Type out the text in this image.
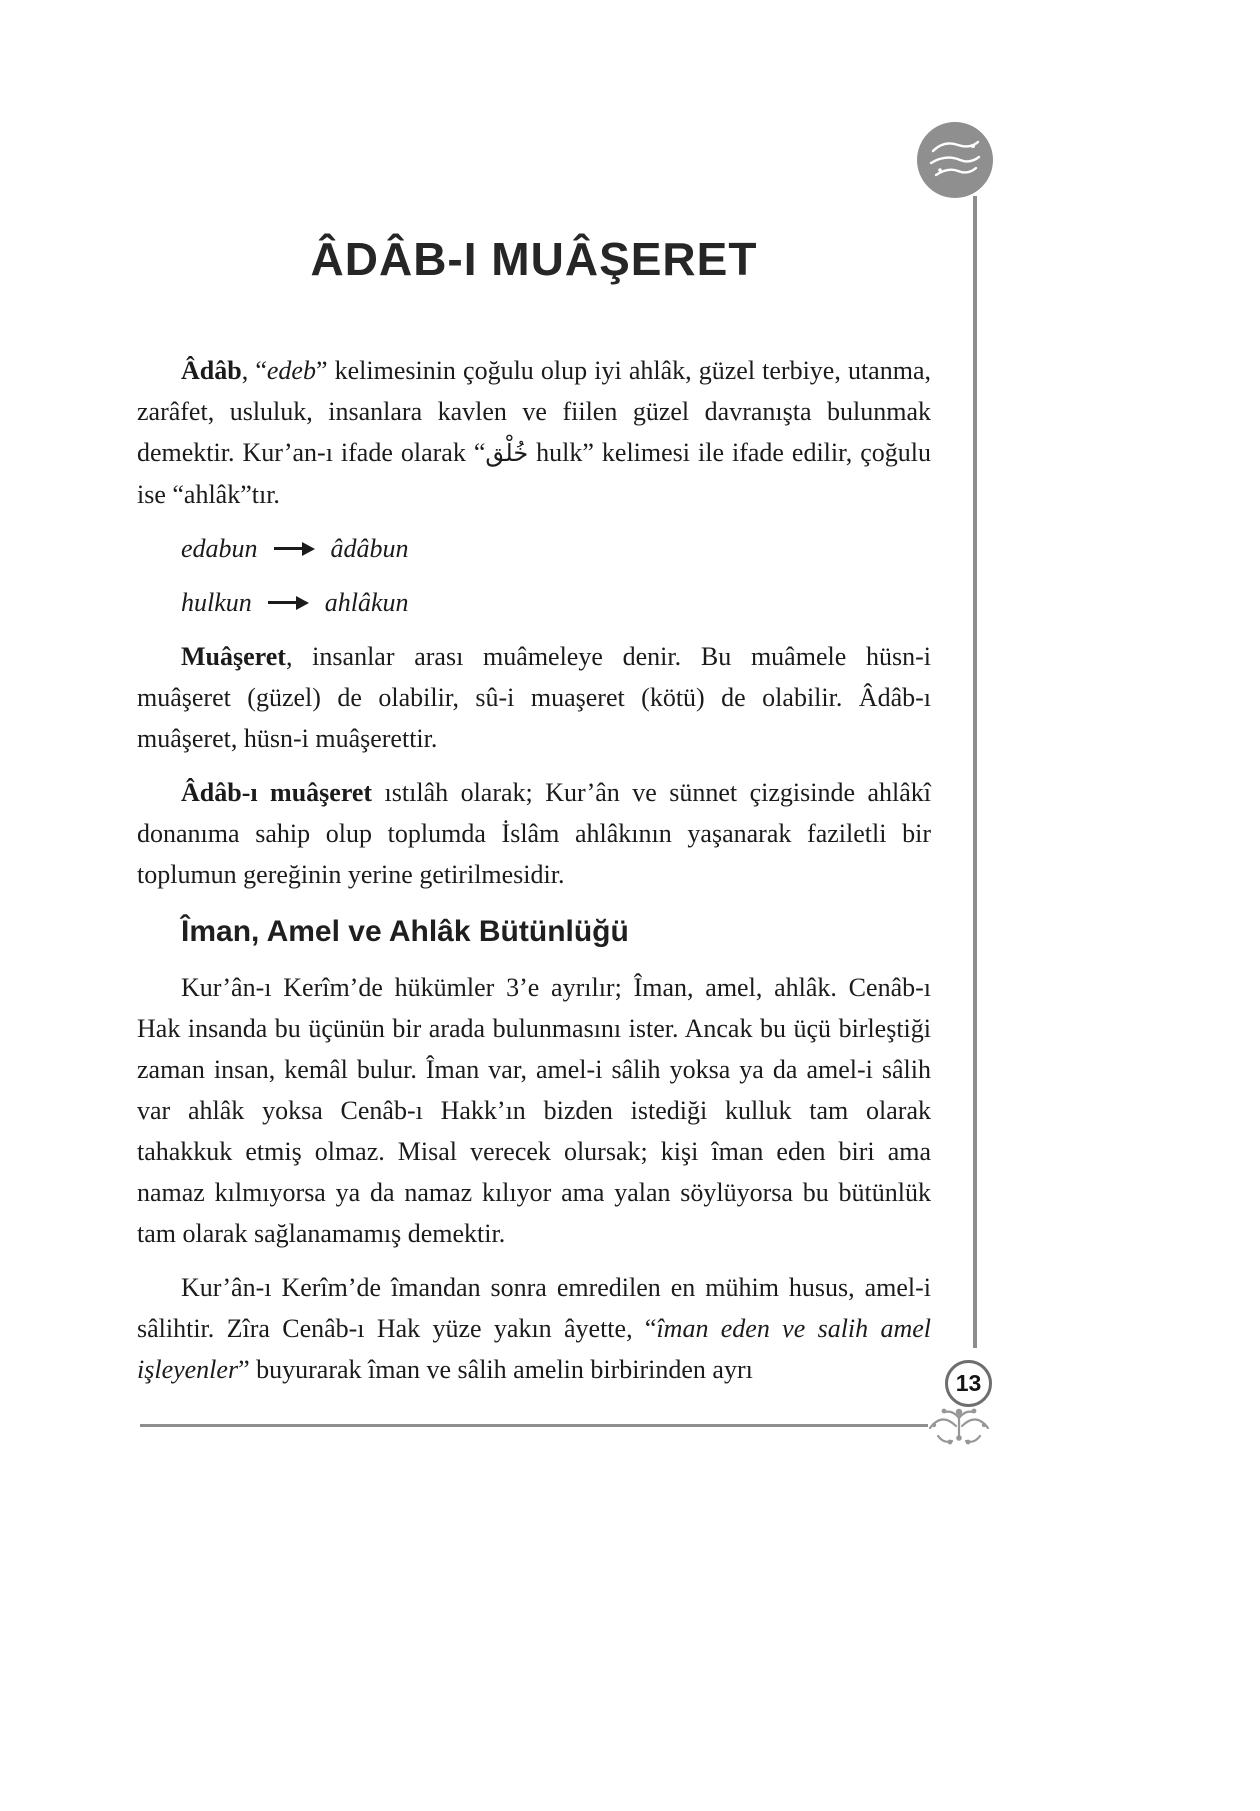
ÂDÂB-I MUÂŞERET

Âdâb, “edeb” kelimesinin çoğulu olup iyi ahlâk, güzel terbiye, utanma, zarâfet, usluluk, insanlara kavlen ve fiilen güzel davranışta bulunmak demektir. Kur’an-ı ifade olarak “خُلْق hulk” kelimesi ile ifade edilir, çoğulu ise “ahlâk”tır.

edabun	âdâbun
hulkun	ahlâkun

Muâşeret, insanlar arası muâmeleye denir. Bu muâmele hüsn-i muâşeret (güzel) de olabilir, sû-i muaşeret (kötü) de olabilir. Âdâb-ı muâşeret, hüsn-i muâşerettir.

Âdâb-ı muâşeret ıstılâh olarak; Kur’ân ve sünnet çizgisinde ahlâkî donanıma sahip olup toplumda İslâm ahlâkının yaşanarak faziletli bir toplumun gereğinin yerine getirilmesidir.

Îman, Amel ve Ahlâk Bütünlüğü

Kur’ân-ı Kerîm’de hükümler 3’e ayrılır; Îman, amel, ahlâk. Cenâb-ı Hak insanda bu üçünün bir arada bulunmasını ister. Ancak bu üçü birleştiği zaman insan, kemâl bulur. Îman var, amel-i sâlih yoksa ya da amel-i sâlih var ahlâk yoksa Cenâb-ı Hakk’ın bizden istediği kulluk tam olarak tahakkuk etmiş olmaz. Misal verecek olursak; kişi îman eden biri ama namaz kılmıyorsa ya da namaz kılıyor ama yalan söylüyorsa bu bütünlük tam olarak sağlanamamış demektir.

Kur’ân-ı Kerîm’de îmandan sonra emredilen en mühim husus, amel-i sâlihtir. Zîra Cenâb-ı Hak yüze yakın âyette, “îman eden ve salih amel işleyenler” buyurarak îman ve sâlih amelin birbirinden ayrı	13
